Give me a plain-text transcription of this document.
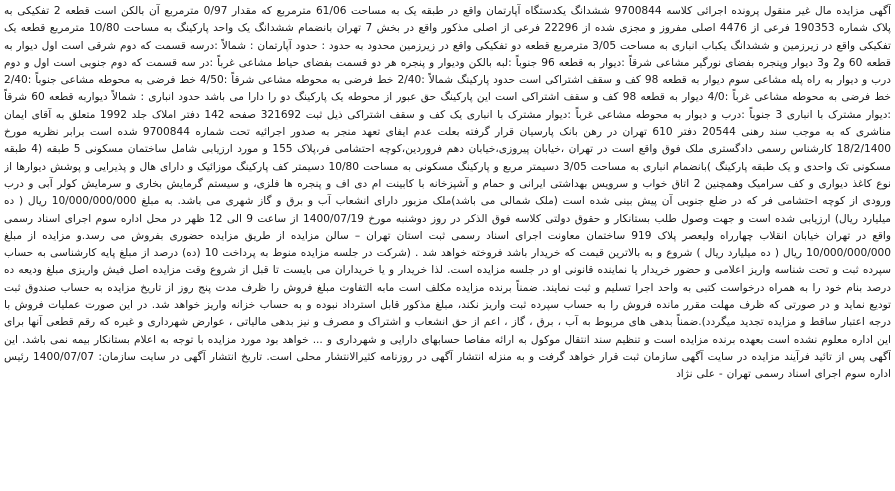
آگهی مزایده مال غیر منقول پرونده اجرائی کلاسه 9700844 ششدانگ یکدستگاه آپارتمان واقع در طبقه یک به مساحت 61/06 مترمربع که مقدار 0/97 مترمربع آن بالکن است قطعه 2 تفکیکی به پلاک شماره 190353 فرعی از 4476 اصلی مفروز و مجزی شده از 22296 فرعی از اصلی مذکور واقع در بخش 7 تهران بانضمام ششدانگ یک واحد پارکینگ به مساحت 10/80 مترمربع قطعه یک تفکیکی واقع در زیرزمین و ششدانگ یکباب انباری به مساحت 3/05 مترمربع قطعه دو تفکیکی واقع در زیرزمین محدود به حدود : حدود آپارتمان : شمالاً :درسه قسمت که دوم شرقی است اول دیوار به قطعه 60 و2 و3 دیوار وپنجره بفضای نورگیر مشاعی شرقاً :دیوار به قطعه 96 جنوباً :لبه بالکن ودیوار و پنجره هر دو قسمت بفضای حیاط مشاعی غرباً :در سه قسمت که دوم جنوبی است اول و دوم درب و دیوار به راه پله مشاعی سوم دیوار به قطعه 98 کف و سقف اشتراکی است حدود پارکینگ شمالاً :2/40 خط فرضی به محوطه مشاعی شرقاً :4/50 خط فرضی به محوطه مشاعی جنوباً :2/40 خط فرضی به محوطه مشاعی غرباً :4/0 دیوار به قطعه 98 کف و سقف اشتراکی است این پارکینگ حق عبور از محوطه یک پارکینگ دو را دارا می باشد حدود انباری : شمالاً دیواربه قطعه 60 شرقاً :دیوار مشترک با انباری 3 جنوباً :درب و دیوار به محوطه مشاعی غرباً :دیوار مشترک با انباری یک کف و سقف اشتراکی ذیل ثبت 321692 صفحه 142 دفتر املاک جلد 1992 متعلق به آقای ایمان مناشری که به موجب سند رهنی 20544 دفتر 610 تهران در رهن بانک پارسیان قرار گرفته بعلت عدم ایفای تعهد منجر به صدور اجرائیه تحت شماره 9700844 شده است برابر نظریه مورخ 18/2/1400 کارشناس رسمی دادگستری ملک فوق واقع است در تهران ،خیابان پیروزی،خیابان دهم فروردین،کوچه احتشامی فر،پلاک 155 و مورد ارزیابی شامل ساختمان مسکونی 5 طبقه (4 طبقه مسکونی تک واحدی و یک طبقه پارکینگ )بانضمام انباری به مساحت 3/05 دسیمتر مربع و پارکینگ مسکونی به مساحت 10/80 دسیمتر کف پارکینگ موزائیک و دارای هال و پذیرایی و پوشش دیوارها از نوع کاغذ دیواری و کف سرامیک وهمچنین 2 اتاق خواب و سرویس بهداشتی ایرانی و حمام و آشپزخانه با کابینت ام دی اف و پنجره ها فلزی، و سیستم گرمایش بخاری و سرمایش کولر آبی و درب ورودی از کوچه احتشامی فر که در ضلع جنوبی آن پیش بینی شده است (ملک شمالی می باشد)ملک مزبور دارای انشعاب آب و برق و گاز شهری می باشد. به مبلغ 10/000/000/000 ریال ( ده میلیارد ریال) ارزیابی شده است و جهت وصول طلب بستانکار و حقوق دولتی کلاسه فوق الذکر در روز دوشنبه مورخ 1400/07/19 از ساعت 9 الی 12 ظهر در محل اداره سوم اجرای اسناد رسمی واقع در تهران خیابان انقلاب چهارراه ولیعصر پلاک 919 ساختمان معاونت اجرای اسناد رسمی ثبت استان تهران – سالن مزایده از طریق مزایده حضوری بفروش می رسد.و مزایده از مبلغ 10/000/000/000 ریال ( ده میلیارد ریال ) شروع و به بالاترین قیمت که خریدار باشد فروخته خواهد شد . (شرکت در جلسه مزایده منوط به پرداخت 10 (ده) درصد از مبلغ پایه کارشناسی به حساب سپرده ثبت و تحت شناسه واریز اعلامی و حضور خریدار یا نماینده قانونی او در جلسه مزایده است. لذا خریدار و یا خریداران می بایست تا قبل از شروع وقت مزایده اصل فیش واریزی مبلغ ودیعه ده درصد بنام خود را به همراه درخواست کتبی به واحد اجرا تسلیم و ثبت نمایند. ضمناً برنده مزایده مکلف است مابه التفاوت مبلغ فروش را ظرف مدت پنج روز از تاریخ مزایده به حساب صندوق ثبت تودیع نماید و در صورتی که ظرف مهلت مقرر مانده فروش را به حساب سپرده ثبت واریز نکند، مبلغ مذکور قابل استرداد نبوده و به حساب خزانه واریز خواهد شد. در این صورت عملیات فروش با درجه اعتبار ساقط و مزایده تجدید میگردد).ضمناً بدهی های مربوط به آب ، برق ، گاز ، اعم از حق انشعاب و اشتراک و مصرف و نیز بدهی مالیاتی ، عوارض شهرداری و غیره که رقم قطعی آنها برای این اداره معلوم نشده است بعهده برنده مزایده است و تنظیم سند انتقال موکول به ارائه مفاصا حسابهای دارایی و شهرداری و ... خواهد بود مورد مزایده با توجه به اعلام بستانکار بیمه نمی باشد. این آگهی پس از تائید فرآیند مزایده در سایت آگهی سازمان ثبت قرار خواهد گرفت و به منزله انتشار آگهی در روزنامه کثیرالانتشار محلی است. تاریخ انتشار آگهی در سایت سازمان: 1400/07/07 رئیس اداره سوم اجرای اسناد رسمی تهران - علی نژاد
